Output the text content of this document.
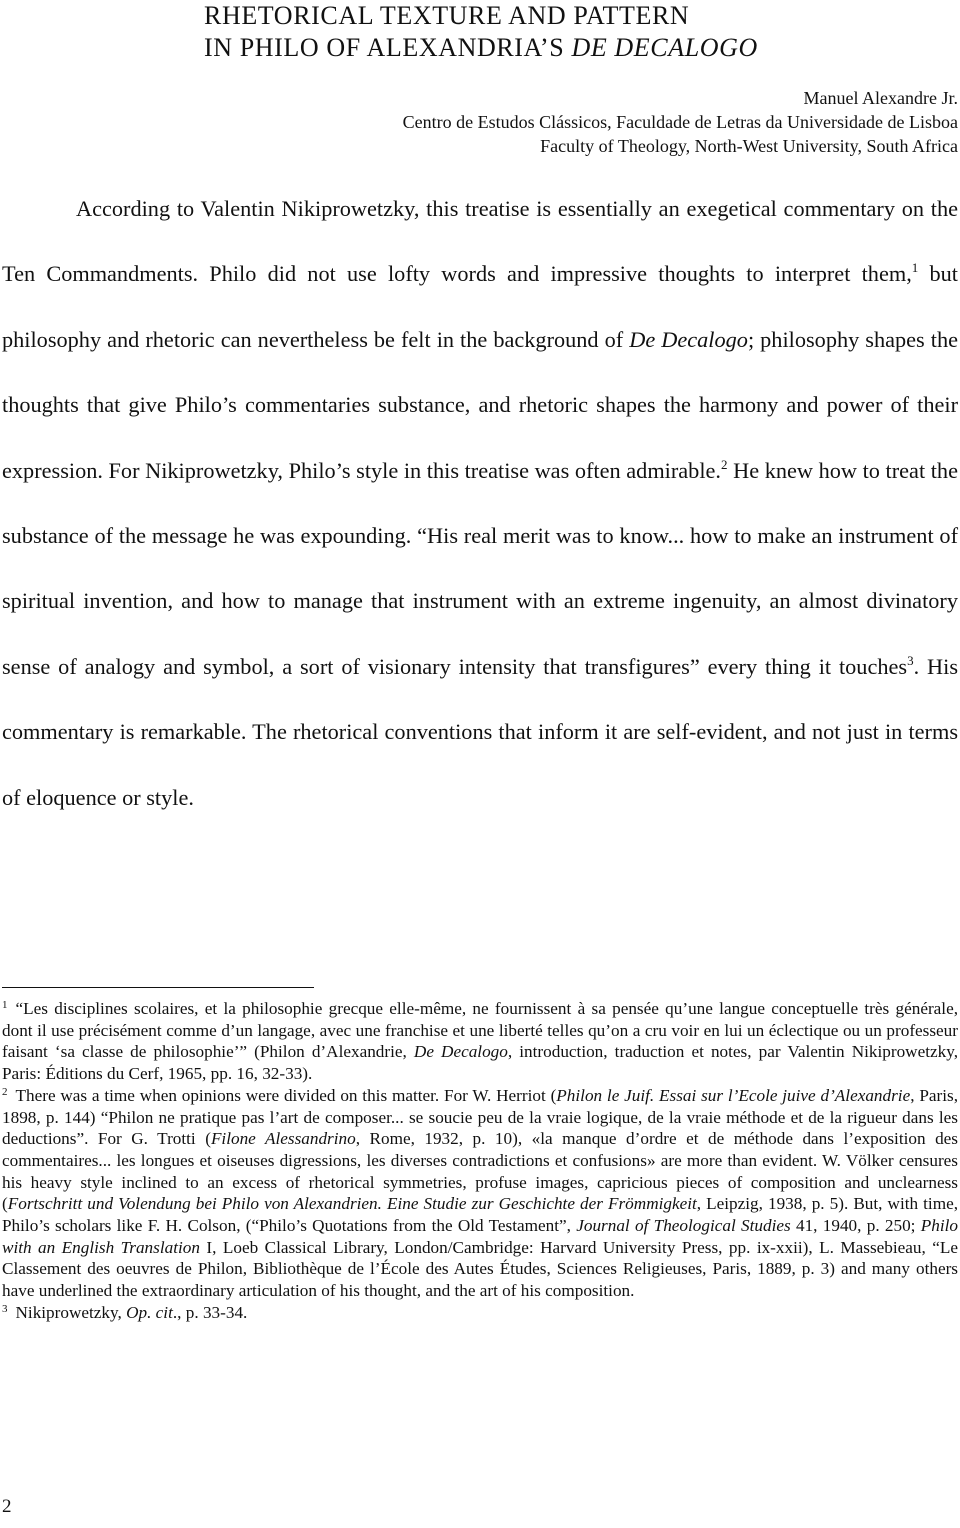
RHETORICAL TEXTURE AND PATTERN
IN PHILO OF ALEXANDRIA’S DE DECALOGO
Manuel Alexandre Jr.
Centro de Estudos Clássicos, Faculdade de Letras da Universidade de Lisboa
Faculty of Theology, North-West University, South Africa

According to Valentin Nikiprowetzky, this treatise is essentially an exegetical commentary on the Ten Commandments. Philo did not use lofty words and impressive thoughts to interpret them,$^1$ but philosophy and rhetoric can nevertheless be felt in the background of De Decalogo; philosophy shapes the thoughts that give Philo’s commentaries substance, and rhetoric shapes the harmony and power of their expression. For Nikiprowetzky, Philo’s style in this treatise was often admirable.$^2$ He knew how to treat the substance of the message he was expounding. “His real merit was to know... how to make an instrument of spiritual invention, and how to manage that instrument with an extreme ingenuity, an almost divinatory sense of analogy and symbol, a sort of visionary intensity that transfigures” every thing it touches$^3$. His commentary is remarkable. The rhetorical conventions that inform it are self-evident, and not just in terms of eloquence or style.

$^1$ “Les disciplines scolaires, et la philosophie grecque elle-même, ne fournissent à sa pensée qu’une langue conceptuelle très générale, dont il use précisément comme d’un langage, avec une franchise et une liberté telles qu’on a cru voir en lui un éclectique ou un professeur faisant ‘sa classe de philosophie’” (Philon d’Alexandrie, De Decalogo, introduction, traduction et notes, par Valentin Nikiprowetzky, Paris: Éditions du Cerf, 1965, pp. 16, 32-33).

$^2$ There was a time when opinions were divided on this matter. For W. Herriot (Philon le Juif. Essai sur l’Ecole juive d’Alexandrie, Paris, 1898, p. 144) “Philon ne pratique pas l’art de composer... se soucie peu de la vraie logique, de la vraie méthode et de la rigueur dans les deductions”. For G. Trotti (Filone Alessandrino, Rome, 1932, p. 10), «la manque d’ordre et de méthode dans l’exposition des commentaires... les longues et oiseuses digressions, les diverses contradictions et confusions» are more than evident. W. Völker censures his heavy style inclined to an excess of rhetorical symmetries, profuse images, capricious pieces of composition and unclearness (Fortschritt und Volendung bei Philo von Alexandrien. Eine Studie zur Geschichte der Frömmigkeit, Leipzig, 1938, p. 5). But, with time, Philo’s scholars like F. H. Colson, (“Philo’s Quotations from the Old Testament”, Journal of Theological Studies 41, 1940, p. 250; Philo with an English Translation I, Loeb Classical Library, London/Cambridge: Harvard University Press, pp. ix-xxii), L. Massebieau, “Le Classement des oeuvres de Philon, Bibliothèque de l’École des Autes Études, Sciences Religieuses, Paris, 1889, p. 3) and many others have underlined the extraordinary articulation of his thought, and the art of his composition.

$^3$ Nikiprowetzky, Op. cit., p. 33-34.

2
